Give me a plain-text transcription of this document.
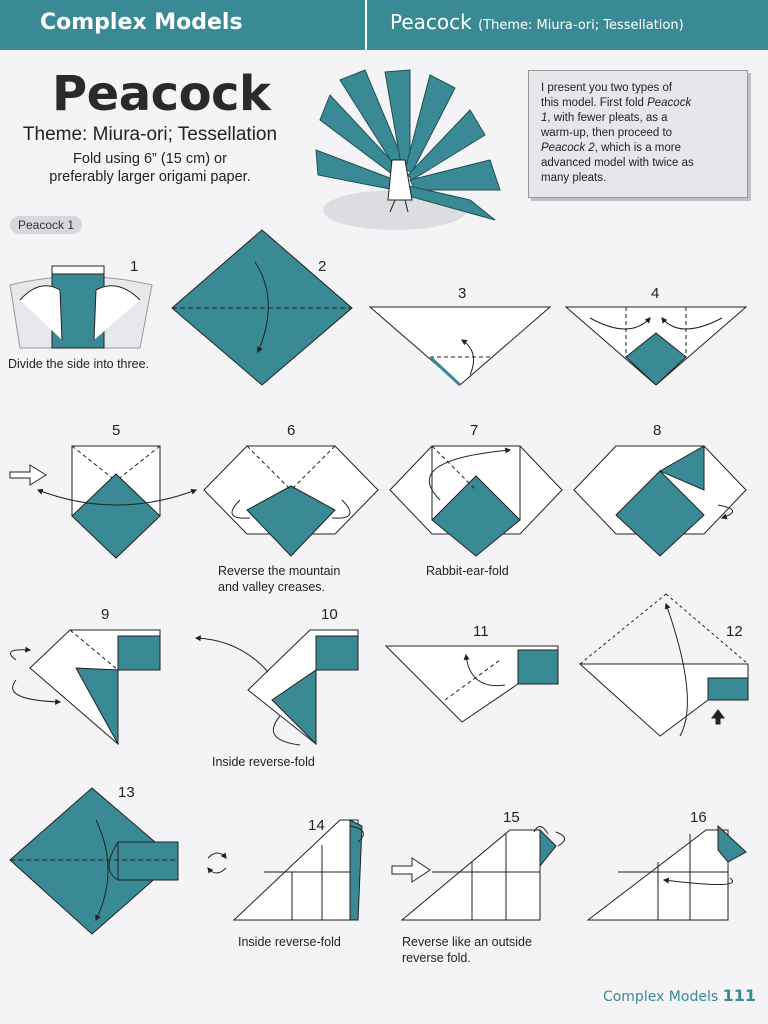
Complex Models	Peacock (Theme: Miura-ori; Tessellation)
Peacock
Theme: Miura-ori; Tessellation
Fold using 6” (15 cm) or
preferably larger origami paper.
I present you two types of
this model. First fold Peacock
1, with fewer pleats, as a
warm-up, then proceed to
Peacock 2, which is a more
advanced model with twice as
many pleats.
Peacock 1
1	2
3	4
5	6	7	8
9	10
11	12
13
14	15	16
Divide the side into three.
Reverse the mountain
and valley creases.
Rabbit-ear-fold
Inside reverse-fold
Inside reverse-fold	Reverse like an outside
reverse fold.
Complex Models 111
